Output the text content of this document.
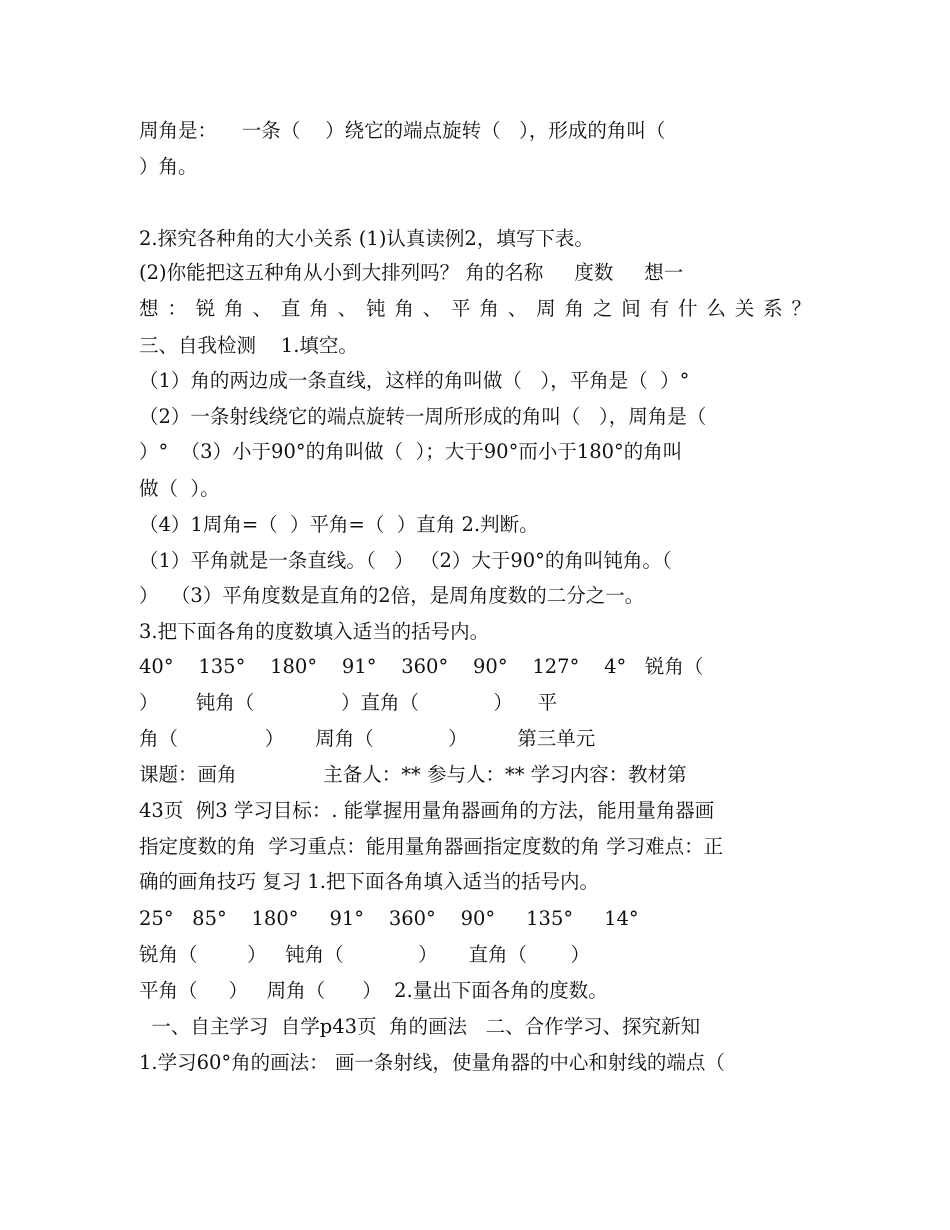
周角是：    一条（    ）绕它的端点旋转（   ），形成的角叫（
）角。
2.探究各种角的大小关系 (1)认真读例2，填写下表。
(2)你能把这五种角从小到大排列吗？ 角的名称     度数     想一
想：锐角、直角、钝角、平角、周角之间有什么关系？
三、自我检测    1.填空。
（1）角的两边成一条直线，这样的角叫做（   ），平角是（  ）°
（2）一条射线绕它的端点旋转一周所形成的角叫（   ），周角是（
）°  （3）小于90°的角叫做（  ）；大于90°而小于180°的角叫
做（  ）。
（4）1周角=（  ）平角=（  ）直角 2.判断。
（1）平角就是一条直线。（   ） （2）大于90°的角叫钝角。（
）  （3）平角度数是直角的2倍，是周角度数的二分之一。
3.把下面各角的度数填入适当的括号内。
40°    135°    180°    91°    360°    90°    127°    4°   锐角（
）      钝角（              ）直角（            ）    平
角（              ）     周角（            ）        第三单元
课题：画角              主备人：** 参与人：** 学习内容：教材第
43页  例3 学习目标：. 能掌握用量角器画角的方法，能用量角器画
指定度数的角  学习重点：能用量角器画指定度数的角 学习难点：正
确的画角技巧 复习 1.把下面各角填入适当的括号内。
25°   85°    180°     91°    360°    90°     135°     14°
锐角（        ）   钝角（            ）     直角（       ）
平角（     ）   周角（      ）  2.量出下面各角的度数。
一、自主学习  自学p43页  角的画法   二、合作学习、探究新知
1.学习60°角的画法： 画一条射线，使量角器的中心和射线的端点（
